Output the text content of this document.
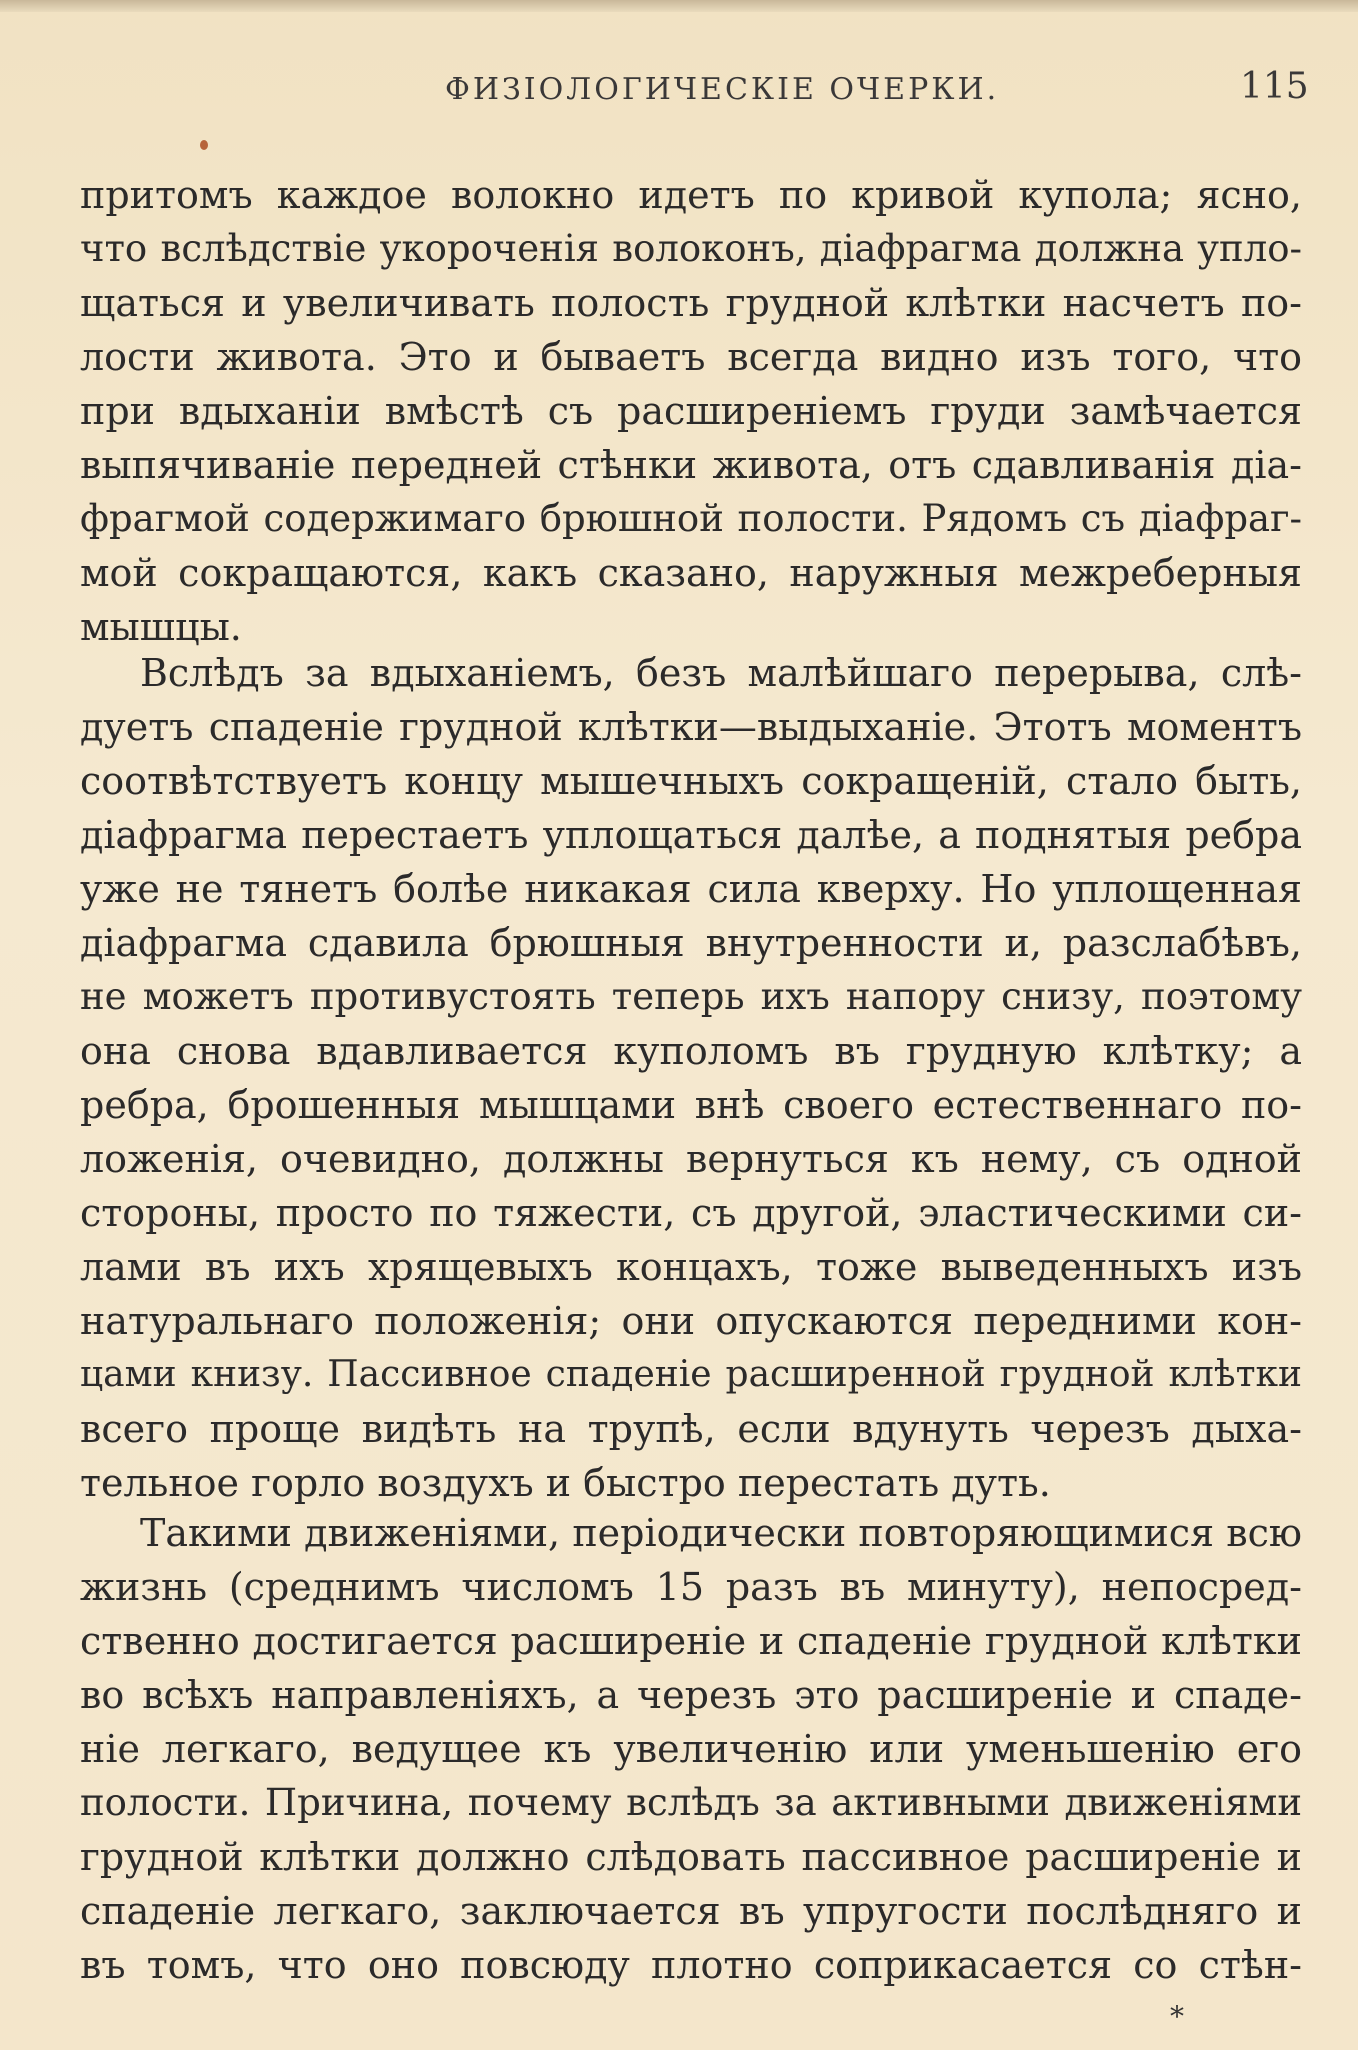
ФИЗIОЛОГИЧЕСКIЕ ОЧЕРКИ.	115
притомъ каждое волокно идетъ по кривой купола; ясно,
что вслѣдствіе укороченія волоконъ, діафрагма должна упло-
щаться и увеличивать полость грудной клѣтки насчетъ по-
лости живота. Это и бываетъ всегда видно изъ того, что
при вдыханіи вмѣстѣ съ расширеніемъ груди замѣчается
выпячиваніе передней стѣнки живота, отъ сдавливанія діа-
фрагмой содержимаго брюшной полости. Рядомъ съ діафраг-
мой сокращаются, какъ сказано, наружныя межреберныя
мышцы.
Вслѣдъ за вдыханіемъ, безъ малѣйшаго перерыва, слѣ-
дуетъ спаденіе грудной клѣтки—выдыханіе. Этотъ моментъ
соотвѣтствуетъ концу мышечныхъ сокращеній, стало быть,
діафрагма перестаетъ уплощаться далѣе, а поднятыя ребра
уже не тянетъ болѣе никакая сила кверху. Но уплощенная
діафрагма сдавила брюшныя внутренности и, разслабѣвъ,
не можетъ противустоять теперь ихъ напору снизу, поэтому
она снова вдавливается куполомъ въ грудную клѣтку; а
ребра, брошенныя мышцами внѣ своего естественнаго по-
ложенія, очевидно, должны вернуться къ нему, съ одной
стороны, просто по тяжести, съ другой, эластическими си-
лами въ ихъ хрящевыхъ концахъ, тоже выведенныхъ изъ
натуральнаго положенія; они опускаются передними кон-
цами книзу. Пассивное спаденіе расширенной грудной клѣтки
всего проще видѣть на трупѣ, если вдунуть черезъ дыха-
тельное горло воздухъ и быстро перестать дуть.
Такими движеніями, періодически повторяющимися всю
жизнь (среднимъ числомъ 15 разъ въ минуту), непосред-
ственно достигается расширеніе и спаденіе грудной клѣтки
во всѣхъ направленіяхъ, а черезъ это расширеніе и спаде-
ніе легкаго, ведущее къ увеличенію или уменьшенію его
полости. Причина, почему вслѣдъ за активными движеніями
грудной клѣтки должно слѣдовать пассивное расширеніе и
спаденіе легкаго, заключается въ упругости послѣдняго и
въ томъ, что оно повсюду плотно соприкасается со стѣн-
*
